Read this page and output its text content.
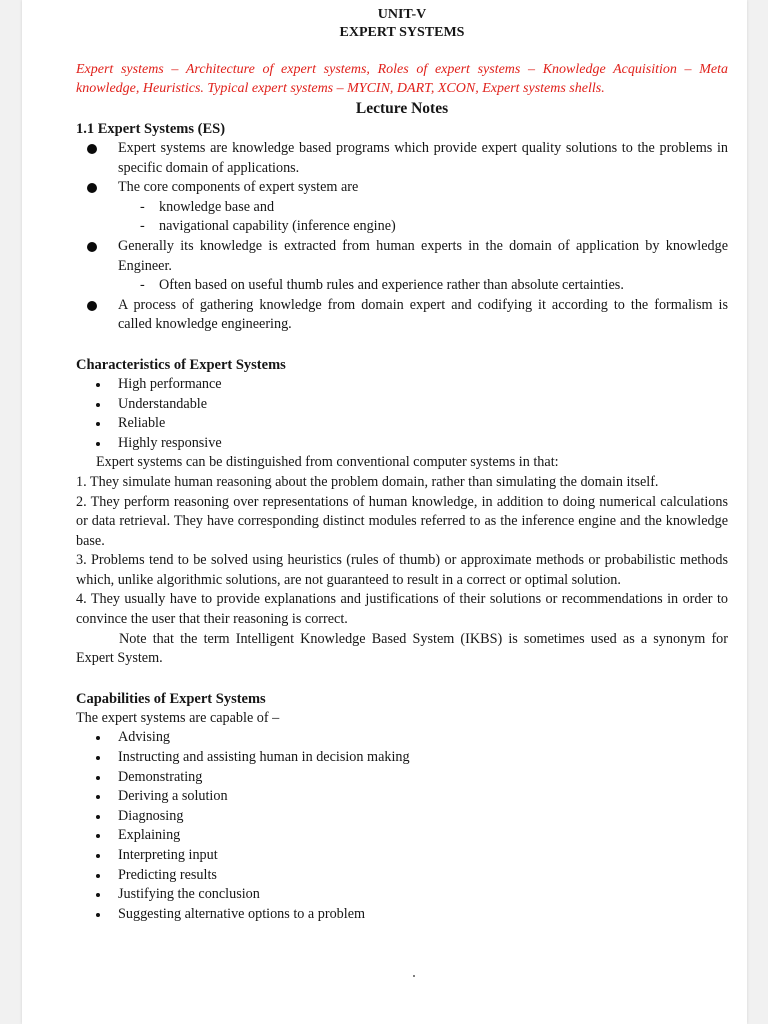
UNIT-V
EXPERT SYSTEMS

Expert systems – Architecture of expert systems, Roles of expert systems – Knowledge Acquisition – Meta knowledge, Heuristics. Typical expert systems – MYCIN, DART, XCON, Expert systems shells.

Lecture Notes
1.1 Expert Systems (ES)
Expert systems are knowledge based programs which provide expert quality solutions to the problems in specific domain of applications.
The core components of expert system are
- knowledge base and
- navigational capability (inference engine)
Generally its knowledge is extracted from human experts in the domain of application by knowledge Engineer.
- Often based on useful thumb rules and experience rather than absolute certainties.
A process of gathering knowledge from domain expert and codifying it according to the formalism is called knowledge engineering.
Characteristics of Expert Systems
High performance
Understandable
Reliable
Highly responsive

Expert systems can be distinguished from conventional computer systems in that:

1. They simulate human reasoning about the problem domain, rather than simulating the domain itself.

2. They perform reasoning over representations of human knowledge, in addition to doing numerical calculations or data retrieval. They have corresponding distinct modules referred to as the inference engine and the knowledge base.

3. Problems tend to be solved using heuristics (rules of thumb) or approximate methods or probabilistic methods which, unlike algorithmic solutions, are not guaranteed to result in a correct or optimal solution.

4. They usually have to provide explanations and justifications of their solutions or recommendations in order to convince the user that their reasoning is correct.

Note that the term Intelligent Knowledge Based System (IKBS) is sometimes used as a synonym for Expert System.

Capabilities of Expert Systems

The expert systems are capable of –

Advising
Instructing and assisting human in decision making
Demonstrating
Deriving a solution
Diagnosing
Explaining
Interpreting input
Predicting results
Justifying the conclusion
Suggesting alternative options to a problem
